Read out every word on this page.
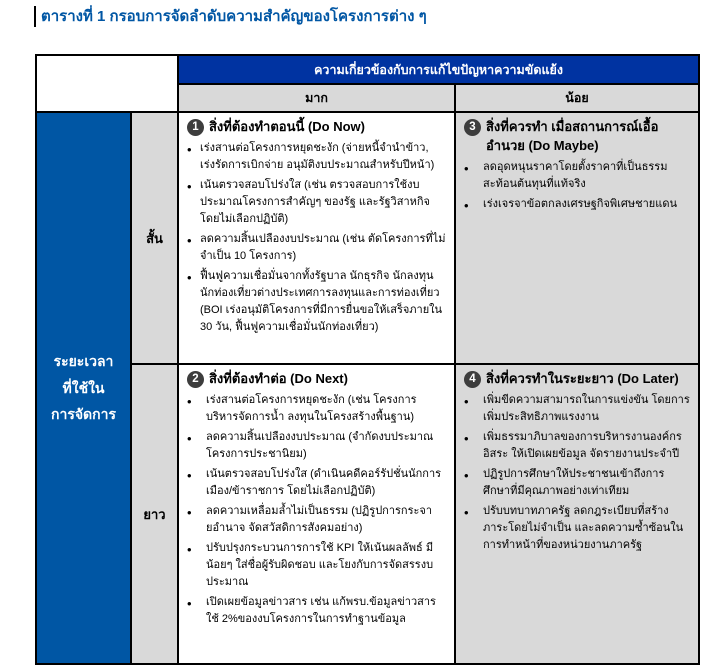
ตารางที่ 1 กรอบการจัดลำดับความสำคัญของโครงการต่าง ๆ
ความเกี่ยวข้องกับการแก้ไขปัญหาความขัดแย้ง
มาก	น้อย
ระยะเวลา
ที่ใช้ใน
การจัดการ
สั้น
ยาว
1 สิ่งที่ต้องทำตอนนี้ (Do Now)
• เร่งสานต่อโครงการหยุดชะงัก (จ่ายหนี้จำนำข้าว, เร่งรัดการเบิกจ่าย อนุมัติงบประมาณสำหรับปีหน้า)
• เน้นตรวจสอบโปร่งใส (เช่น ตรวจสอบการใช้งบประมาณโครงการสำคัญๆ ของรัฐ และรัฐวิสาหกิจ โดยไม่เลือกปฏิบัติ)
• ลดความสิ้นเปลืองงบประมาณ (เช่น ตัดโครงการที่ไม่จำเป็น 10 โครงการ)
• ฟื้นฟูความเชื่อมั่นจากทั้งรัฐบาล นักธุรกิจ นักลงทุน นักท่องเที่ยวต่างประเทศการลงทุนและการท่องเที่ยว (BOI เร่งอนุมัติโครงการที่มีการยื่นขอให้เสร็จภายใน 30 วัน, ฟื้นฟูความเชื่อมั่นนักท่องเที่ยว)
3 สิ่งที่ควรทำ เมื่อสถานการณ์เอื้ออำนวย (Do Maybe)
• ลดอุดหนุนราคาโดยตั้งราคาที่เป็นธรรม สะท้อนต้นทุนที่แท้จริง
• เร่งเจรจาข้อตกลงเศรษฐกิจพิเศษชายแดน
2 สิ่งที่ต้องทำต่อ (Do Next)
• เร่งสานต่อโครงการหยุดชะงัก (เช่น โครงการบริหารจัดการน้ำ ลงทุนในโครงสร้างพื้นฐาน)
• ลดความสิ้นเปลืองงบประมาณ (จำกัดงบประมาณโครงการประชานิยม)
• เน้นตรวจสอบโปร่งใส (ดำเนินคดีคอร์รัปชั่นนักการเมือง/ข้าราชการ โดยไม่เลือกปฏิบัติ)
• ลดความเหลื่อมล้ำไม่เป็นธรรม (ปฏิรูปการกระจายอำนาจ จัดสวัสดิการสังคมอย่าง)
• ปรับปรุงกระบวนการการใช้ KPI ให้เน้นผลลัพธ์ มีน้อยๆ ใส่ชื่อผู้รับผิดชอบ และโยงกับการจัดสรรงบประมาณ
• เปิดเผยข้อมูลข่าวสาร เช่น แก้พรบ.ข้อมูลข่าวสาร ใช้ 2%ของงบโครงการในการทำฐานข้อมูล
4 สิ่งที่ควรทำในระยะยาว (Do Later)
• เพิ่มขีดความสามารถในการแข่งขัน โดยการเพิ่มประสิทธิภาพแรงงาน
• เพิ่มธรรมาภิบาลของการบริหารงานองค์กรอิสระ ให้เปิดเผยข้อมูล จัดรายงานประจำปี
• ปฏิรูปการศึกษาให้ประชาชนเข้าถึงการศึกษาที่มีคุณภาพอย่างเท่าเทียม
• ปรับบทบาทภาครัฐ ลดกฎระเบียบที่สร้างภาระโดยไม่จำเป็น และลดความซ้ำซ้อนในการทำหน้าที่ของหน่วยงานภาครัฐ
